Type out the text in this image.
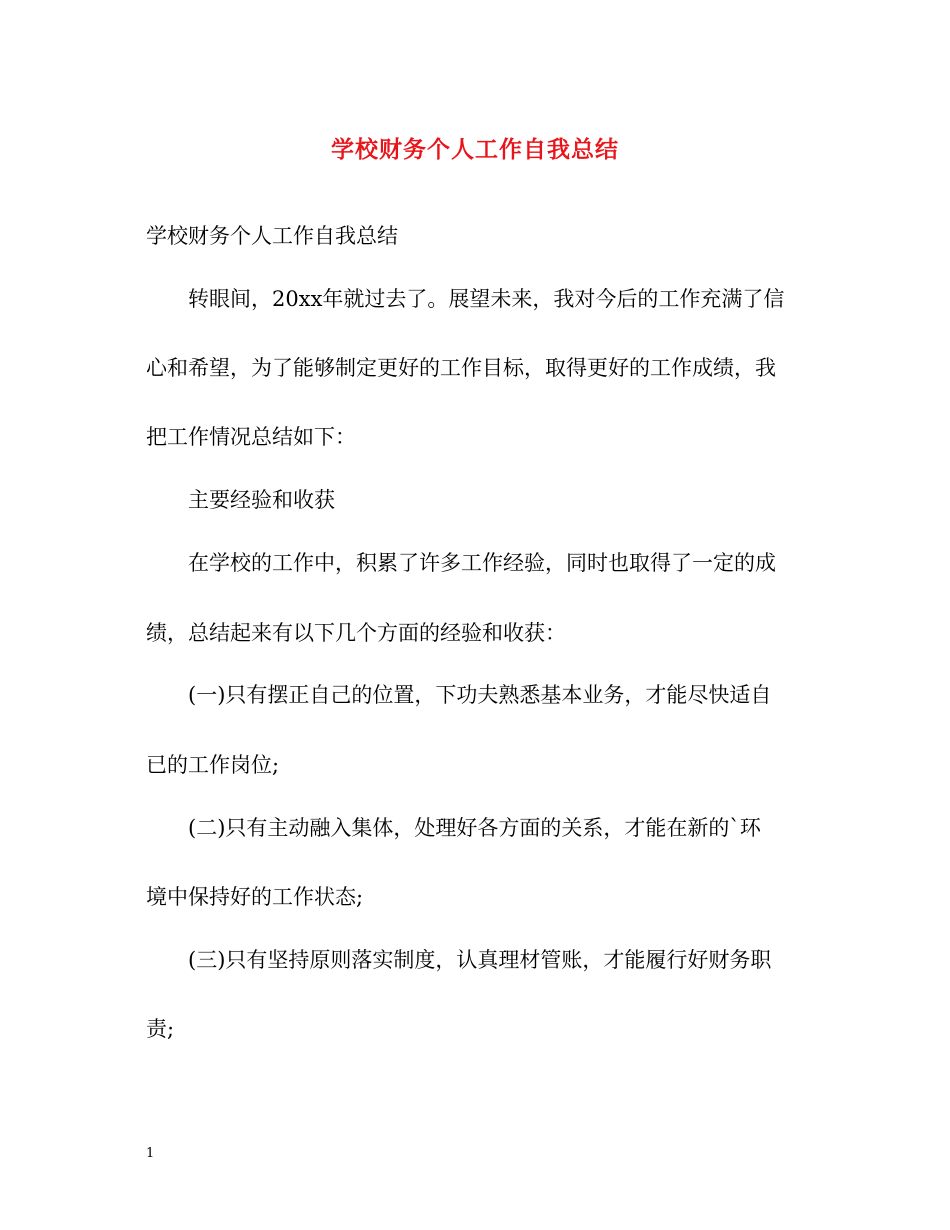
学校财务个人工作自我总结
学校财务个人工作自我总结
转眼间，20xx年就过去了。展望未来，我对今后的工作充满了信
心和希望，为了能够制定更好的工作目标，取得更好的工作成绩，我
把工作情况总结如下：
主要经验和收获
在学校的工作中，积累了许多工作经验，同时也取得了一定的成
绩，总结起来有以下几个方面的经验和收获：
(一)只有摆正自己的位置，下功夫熟悉基本业务，才能尽快适自
已的工作岗位;
(二)只有主动融入集体，处理好各方面的关系，才能在新的`环
境中保持好的工作状态;
(三)只有坚持原则落实制度，认真理材管账，才能履行好财务职
责;
1
